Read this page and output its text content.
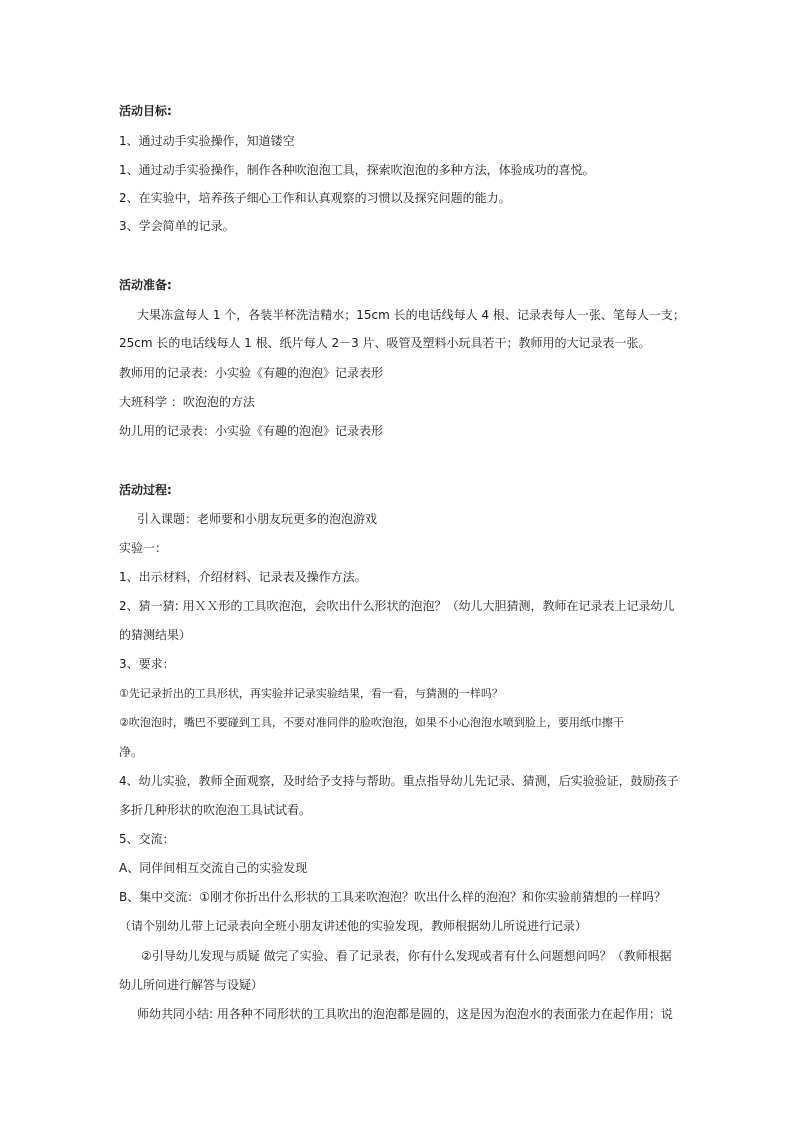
活动目标:
1、通过动手实验操作，知道镂空
1、通过动手实验操作，制作各种吹泡泡工具，探索吹泡泡的多种方法，体验成功的喜悦。
2、在实验中，培养孩子细心工作和认真观察的习惯以及探究问题的能力。
3、学会简单的记录。
活动准备:
大果冻盒每人 1 个，各装半杯洗洁精水；15cm 长的电话线每人 4 根、记录表每人一张、笔每人一支；
25cm 长的电话线每人 1 根、纸片每人 2－3 片、吸管及塑料小玩具若干；教师用的大记录表一张。
教师用的记录表：小实验《有趣的泡泡》记录表形
大班科学 ：吹泡泡的方法
幼儿用的记录表：小实验《有趣的泡泡》记录表形
活动过程:
引入课题：老师要和小朋友玩更多的泡泡游戏
实验一：
1、出示材料，介绍材料、记录表及操作方法。
2、猜一猜: 用ＸＸ形的工具吹泡泡，会吹出什么形状的泡泡？（幼儿大胆猜测，教师在记录表上记录幼儿
的猜测结果）
3、要求：
①先记录折出的工具形状，再实验并记录实验结果，看一看，与猜测的一样吗？
②吹泡泡时，嘴巴不要碰到工具，不要对准同伴的脸吹泡泡，如果不小心泡泡水喷到脸上，要用纸巾擦干
净。
4、幼儿实验，教师全面观察，及时给予支持与帮助。重点指导幼儿先记录、猜测，后实验验证，鼓励孩子
多折几种形状的吹泡泡工具试试看。
5、交流：
A、同伴间相互交流自己的实验发现
B、集中交流：①刚才你折出什么形状的工具来吹泡泡？吹出什么样的泡泡？和你实验前猜想的一样吗？
（请个别幼儿带上记录表向全班小朋友讲述他的实验发现，教师根据幼儿所说进行记录）
②引导幼儿发现与质疑 做完了实验、看了记录表，你有什么发现或者有什么问题想问吗？（教师根据
幼儿所问进行解答与设疑）
师幼共同小结: 用各种不同形状的工具吹出的泡泡都是圆的，这是因为泡泡水的表面张力在起作用；说
